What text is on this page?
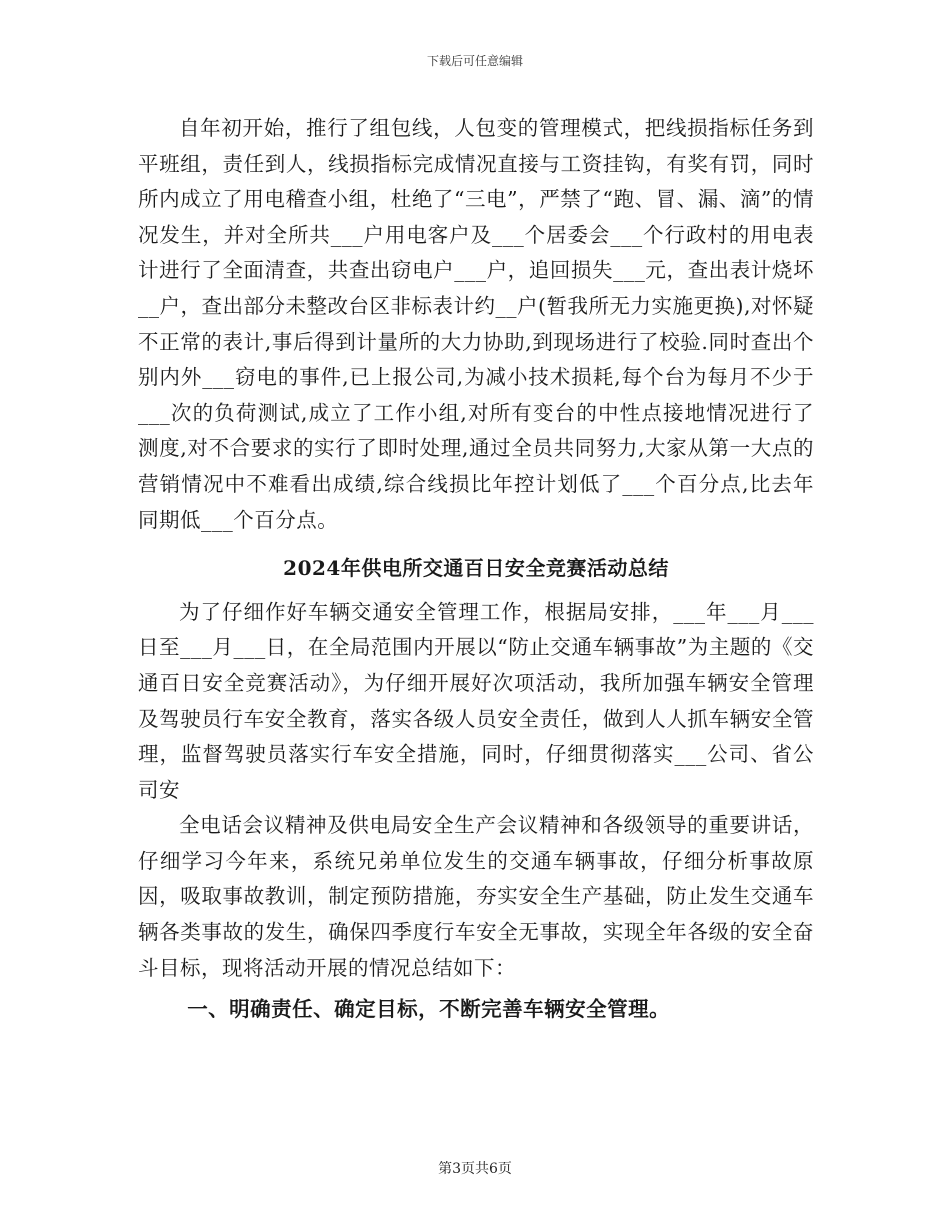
下载后可任意编辑

自年初开始，推行了组包线，人包变的管理模式，把线损指标任务到平班组，责任到人，线损指标完成情况直接与工资挂钩，有奖有罚，同时所内成立了用电稽查小组，杜绝了“三电”，严禁了“跑、冒、漏、滴”的情况发生，并对全所共___户用电客户及___个居委会___个行政村的用电表计进行了全面清查，共查出窃电户___户，追回损失___元，查出表计烧坏__户，查出部分未整改台区非标表计约__户(暂我所无力实施更换),对怀疑不正常的表计,事后得到计量所的大力协助,到现场进行了校验.同时查出个别内外___窃电的事件,已上报公司,为减小技术损耗,每个台为每月不少于___次的负荷测试,成立了工作小组,对所有变台的中性点接地情况进行了测度,对不合要求的实行了即时处理,通过全员共同努力,大家从第一大点的营销情况中不难看出成绩,综合线损比年控计划低了___个百分点,比去年同期低___个百分点。

2024年供电所交通百日安全竞赛活动总结

为了仔细作好车辆交通安全管理工作，根据局安排，___年___月___日至___月___日，在全局范围内开展以“防止交通车辆事故”为主题的《交通百日安全竞赛活动》，为仔细开展好次项活动，我所加强车辆安全管理及驾驶员行车安全教育，落实各级人员安全责任，做到人人抓车辆安全管理，监督驾驶员落实行车安全措施，同时，仔细贯彻落实___公司、省公司安

全电话会议精神及供电局安全生产会议精神和各级领导的重要讲话，仔细学习今年来，系统兄弟单位发生的交通车辆事故，仔细分析事故原因，吸取事故教训，制定预防措施，夯实安全生产基础，防止发生交通车辆各类事故的发生，确保四季度行车安全无事故，实现全年各级的安全奋斗目标，现将活动开展的情况总结如下：

一、明确责任、确定目标，不断完善车辆安全管理。

第3页共6页
